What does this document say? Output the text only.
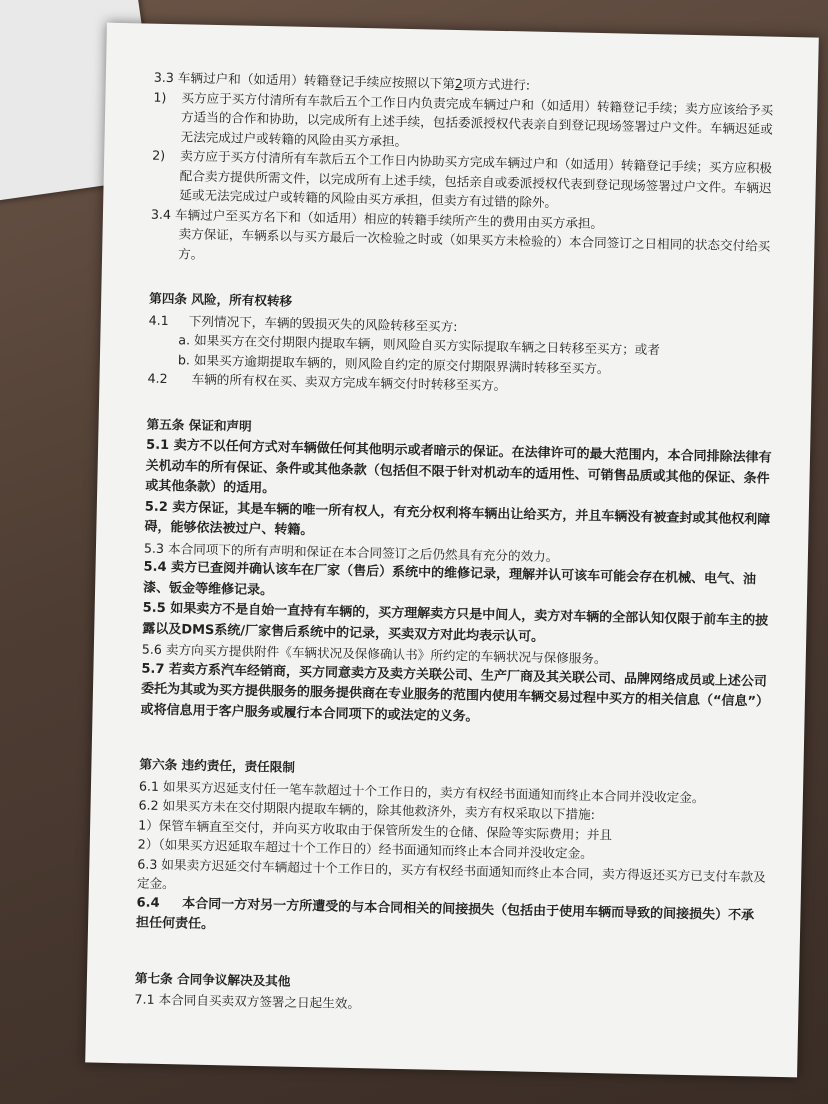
3.3 车辆过户和（如适用）转籍登记手续应按照以下第2项方式进行:
1)	买方应于买方付清所有车款后五个工作日内负责完成车辆过户和（如适用）转籍登记手续；卖方应该给予买方适当的合作和协助，以完成所有上述手续，包括委派授权代表亲自到登记现场签署过户文件。车辆迟延或无法完成过户或转籍的风险由买方承担。
2)	卖方应于买方付清所有车款后五个工作日内协助买方完成车辆过户和（如适用）转籍登记手续；买方应积极配合卖方提供所需文件，以完成所有上述手续，包括亲自或委派授权代表到登记现场签署过户文件。车辆迟延或无法完成过户或转籍的风险由买方承担，但卖方有过错的除外。
3.4 车辆过户至买方名下和（如适用）相应的转籍手续所产生的费用由买方承担。
卖方保证，车辆系以与买方最后一次检验之时或（如果买方未检验的）本合同签订之日相同的状态交付给买方。
第四条 风险，所有权转移
4.1 下列情况下，车辆的毁损灭失的风险转移至买方:
a. 如果买方在交付期限内提取车辆，则风险自买方实际提取车辆之日转移至买方；或者
b. 如果买方逾期提取车辆的，则风险自约定的原交付期限界满时转移至买方。
4.2 车辆的所有权在买、卖双方完成车辆交付时转移至买方。
第五条 保证和声明
5.1 卖方不以任何方式对车辆做任何其他明示或者暗示的保证。在法律许可的最大范围内，本合同排除法律有关机动车的所有保证、条件或其他条款（包括但不限于针对机动车的适用性、可销售品质或其他的保证、条件或其他条款）的适用。
5.2 卖方保证，其是车辆的唯一所有权人，有充分权利将车辆出让给买方，并且车辆没有被查封或其他权利障碍，能够依法被过户、转籍。
5.3 本合同项下的所有声明和保证在本合同签订之后仍然具有充分的效力。
5.4 卖方已查阅并确认该车在厂家（售后）系统中的维修记录，理解并认可该车可能会存在机械、电气、油漆、钣金等维修记录。
5.5 如果卖方不是自始一直持有车辆的，买方理解卖方只是中间人，卖方对车辆的全部认知仅限于前车主的披露以及DMS系统/厂家售后系统中的记录，买卖双方对此均表示认可。
5.6 卖方向买方提供附件《车辆状况及保修确认书》所约定的车辆状况与保修服务。
5.7 若卖方系汽车经销商，买方同意卖方及卖方关联公司、生产厂商及其关联公司、品牌网络成员或上述公司委托为其或为买方提供服务的服务提供商在专业服务的范围内使用车辆交易过程中买方的相关信息（“信息”）或将信息用于客户服务或履行本合同项下的或法定的义务。
第六条 违约责任，责任限制
6.1 如果买方迟延支付任一笔车款超过十个工作日的，卖方有权经书面通知而终止本合同并没收定金。
6.2 如果买方未在交付期限内提取车辆的，除其他救济外，卖方有权采取以下措施:
1）保管车辆直至交付，并向买方收取由于保管所发生的仓储、保险等实际费用；并且
2）（如果买方迟延取车超过十个工作日的）经书面通知而终止本合同并没收定金。
6.3 如果卖方迟延交付车辆超过十个工作日的，买方有权经书面通知而终止本合同，卖方得返还买方已支付车款及定金。
6.4 本合同一方对另一方所遭受的与本合同相关的间接损失（包括由于使用车辆而导致的间接损失）不承担任何责任。
第七条 合同争议解决及其他
7.1 本合同自买卖双方签署之日起生效。
